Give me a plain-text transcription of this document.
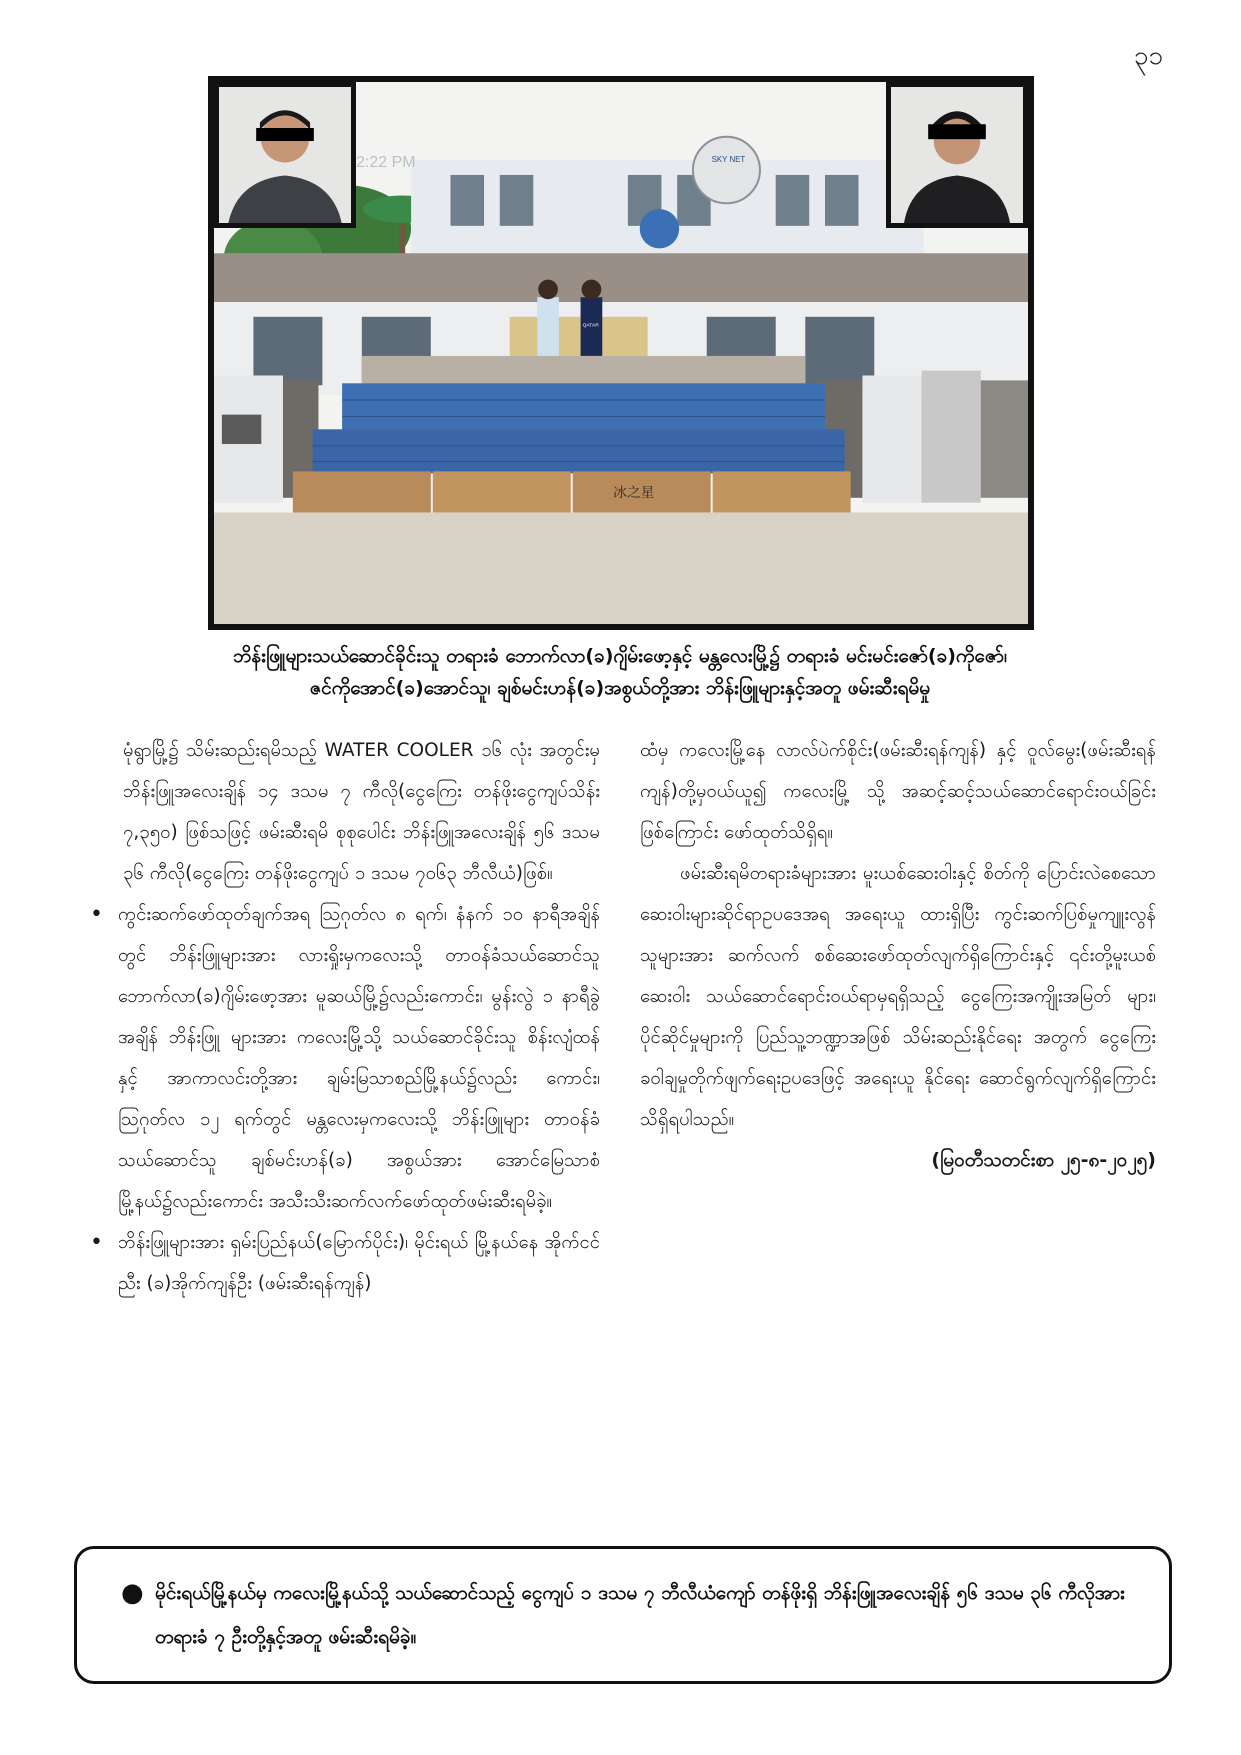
၃၁
SKY NET
QATAR
冰之星
2:22 PM
ဘိန်းဖြူများသယ်ဆောင်ခိုင်းသူ တရားခံ ဘောက်လာ(ခ)ဂျိမ်းဖော့နှင့် မန္တလေးမြို့၌ တရားခံ မင်းမင်းဇော်(ခ)ကိုဇော်၊
ဇင်ကိုအောင်(ခ)အောင်သူ၊ ချစ်မင်းဟန်(ခ)အစွယ်တို့အား ဘိန်းဖြူများနှင့်အတူ ဖမ်းဆီးရမိမှု

မုံရွာမြို့၌ သိမ်းဆည်းရမိသည့် WATER COOLER ၁၆ လုံး အတွင်းမှ ဘိန်းဖြူအလေးချိန် ၁၄ ဒသမ ၇ ကီလို(ငွေကြေး တန်ဖိုးငွေကျပ်သိန်း ၇,၃၅၀) ဖြစ်သဖြင့် ဖမ်းဆီးရမိ စုစုပေါင်း ဘိန်းဖြူအလေးချိန် ၅၆ ဒသမ ၃၆ ကီလို(ငွေကြေး တန်ဖိုးငွေကျပ် ၁ ဒသမ ၇၀၆၃ ဘီလီယံ)ဖြစ်။

• ကွင်းဆက်ဖော်ထုတ်ချက်အရ ဩဂုတ်လ ၈ ရက်၊ နံနက် ၁၀ နာရီအချိန်တွင် ဘိန်းဖြူများအား လားရှိုးမှကလေးသို့ တာဝန်ခံသယ်ဆောင်သူ ဘောက်လာ(ခ)ဂျိမ်းဖော့အား မူဆယ်မြို့၌လည်းကောင်း၊ မွန်းလွဲ ၁ နာရီခွဲအချိန် ဘိန်းဖြူ များအား ကလေးမြို့သို့ သယ်ဆောင်ခိုင်းသူ စိန်းလျံထန် နှင့် အာကာလင်းတို့အား ချမ်းမြသာစည်မြို့နယ်၌လည်း ကောင်း၊ ဩဂုတ်လ ၁၂ ရက်တွင် မန္တလေးမှကလေးသို့ ဘိန်းဖြူများ တာဝန်ခံသယ်ဆောင်သူ ချစ်မင်းဟန်(ခ) အစွယ်အား အောင်မြေသာစံမြို့နယ်၌လည်းကောင်း အသီးသီးဆက်လက်ဖော်ထုတ်ဖမ်းဆီးရမိခဲ့။
• ဘိန်းဖြူများအား ရှမ်းပြည်နယ်(မြောက်ပိုင်း)၊ မိုင်းရယ် မြို့နယ်နေ အိုက်ငင်ညီး (ခ)အိုက်ကျန်ဦး (ဖမ်းဆီးရန်ကျန်)

ထံမှ ကလေးမြို့နေ လာလ်ပဲက်စိုင်း(ဖမ်းဆီးရန်ကျန်) နှင့် ဝူလ်မွေး(ဖမ်းဆီးရန်ကျန်)တို့မှဝယ်ယူ၍ ကလေးမြို့ သို့ အဆင့်ဆင့်သယ်ဆောင်ရောင်းဝယ်ခြင်းဖြစ်ကြောင်း ဖော်ထုတ်သိရှိရ။

ဖမ်းဆီးရမိတရားခံများအား မူးယစ်ဆေးဝါးနှင့် စိတ်ကို ပြောင်းလဲစေသောဆေးဝါးများဆိုင်ရာဥပဒေအရ အရေးယူ ထားရှိပြီး ကွင်းဆက်ပြစ်မှုကျူးလွန်သူများအား ဆက်လက် စစ်ဆေးဖော်ထုတ်လျက်ရှိကြောင်းနှင့် ၎င်းတို့မူးယစ်ဆေးဝါး သယ်ဆောင်ရောင်းဝယ်ရာမှရရှိသည့် ငွေကြေးအကျိုးအမြတ် များ၊ ပိုင်ဆိုင်မှုများကို ပြည်သူ့ဘဏ္ဍာအဖြစ် သိမ်းဆည်းနိုင်ရေး အတွက် ငွေကြေးခဝါချမှုတိုက်ဖျက်ရေးဥပဒေဖြင့် အရေးယူ နိုင်ရေး ဆောင်ရွက်လျက်ရှိကြောင်း သိရှိရပါသည်။

(မြဝတီသတင်းစာ ၂၅-၈-၂၀၂၅)
● မိုင်းရယ်မြို့နယ်မှ ကလေးမြို့နယ်သို့ သယ်ဆောင်သည့် ငွေကျပ် ၁ ဒသမ ၇ ဘီလီယံကျော် တန်ဖိုးရှိ ဘိန်းဖြူအလေးချိန် ၅၆ ဒသမ ၃၆ ကီလိုအား တရားခံ ၇ ဦးတို့နှင့်အတူ ဖမ်းဆီးရမိခဲ့။
